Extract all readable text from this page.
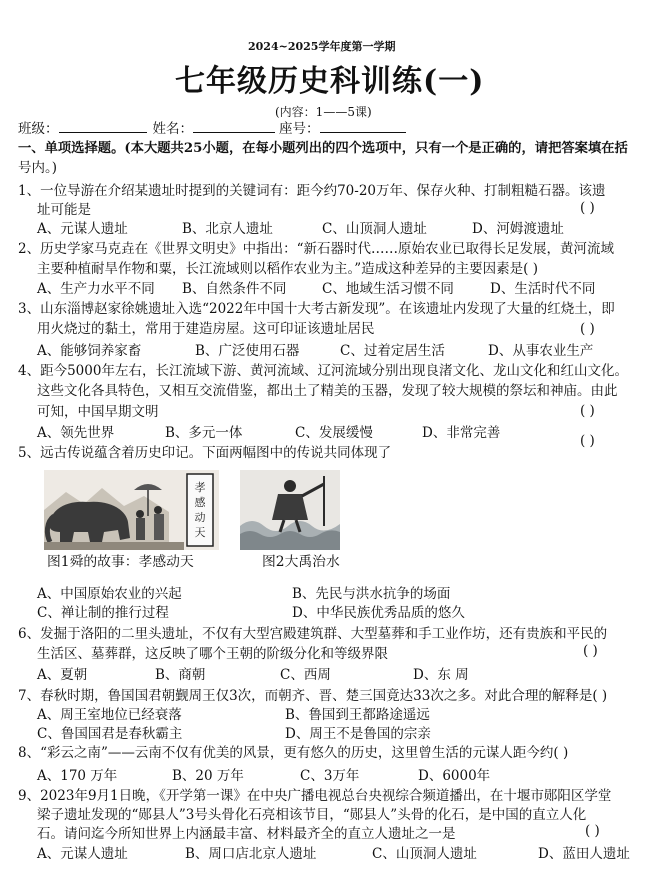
2024~2025学年度第一学期
七年级历史科训练(一)
(内容：1——5课)
班级：	姓名：	座号：
一、单项选择题。(本大题共25小题，在每小题列出的四个选项中，只有一个是正确的，请把答案填在括
号内。)
1、一位导游在介绍某遗址时提到的关键词有：距今约70-20万年、保存火种、打制粗糙石器。该遗
址可能是	( )
A、元谋人遗址	B、北京人遗址	C、山顶洞人遗址	D、河姆渡遗址
2、历史学家马克垚在《世界文明史》中指出：“新石器时代……原始农业已取得长足发展，黄河流域
主要种植耐旱作物和粟，长江流域则以稻作农业为主。”造成这种差异的主要因素是( )
A、生产力水平不同 B、自然条件不同	C、地域生活习惯不同	D、生活时代不同
3、山东淄博赵家徐姚遗址入选“2022年中国十大考古新发现”。在该遗址内发现了大量的红烧土，即
用火烧过的黏土，常用于建造房屋。这可印证该遗址居民	( )
A、能够饲养家畜	B、广泛使用石器	C、过着定居生活	D、从事农业生产
4、距今5000年左右，长江流域下游、黄河流域、辽河流域分别出现良渚文化、龙山文化和红山文化。
这些文化各具特色，又相互交流借鉴，都出土了精美的玉器，发现了较大规模的祭坛和神庙。由此
可知，中国早期文明	( )
A、领先世界	B、多元一体	C、发展缓慢	D、非常完善
5、远古传说蕴含着历史印记。下面两幅图中的传说共同体现了
( )
孝感动天
图1舜的故事：孝感动天	图2大禹治水
A、中国原始农业的兴起	B、先民与洪水抗争的场面
C、禅让制的推行过程	D、中华民族优秀品质的悠久
6、发掘于洛阳的二里头遗址，不仅有大型宫殿建筑群、大型墓葬和手工业作坊，还有贵族和平民的
生活区、墓葬群，这反映了哪个王朝的阶级分化和等级界限	( )
A、夏朝	B、商朝	C、西周	D、东 周
7、春秋时期，鲁国国君朝觐周王仅3次，而朝齐、晋、楚三国竟达33次之多。对此合理的解释是( )
A、周王室地位已经衰落	B、鲁国到王都路途遥远
C、鲁国国君是春秋霸主	D、周王不是鲁国的宗亲
8、“彩云之南”——云南不仅有优美的风景，更有悠久的历史，这里曾生活的元谋人距今约( )
A、170 万年	B、20 万年	C、3万年	D、6000年
9、2023年9月1日晚，《开学第一课》在中央广播电视总台央视综合频道播出，在十堰市郧阳区学堂
梁子遗址发现的“郧县人”3号头骨化石亮相该节目，“郧县人”头骨的化石，是中国的直立人化
石。请问迄今所知世界上内涵最丰富、材料最齐全的直立人遗址之一是	( )
A、元谋人遗址	B、周口店北京人遗址	C、山顶洞人遗址	D、蓝田人遗址
